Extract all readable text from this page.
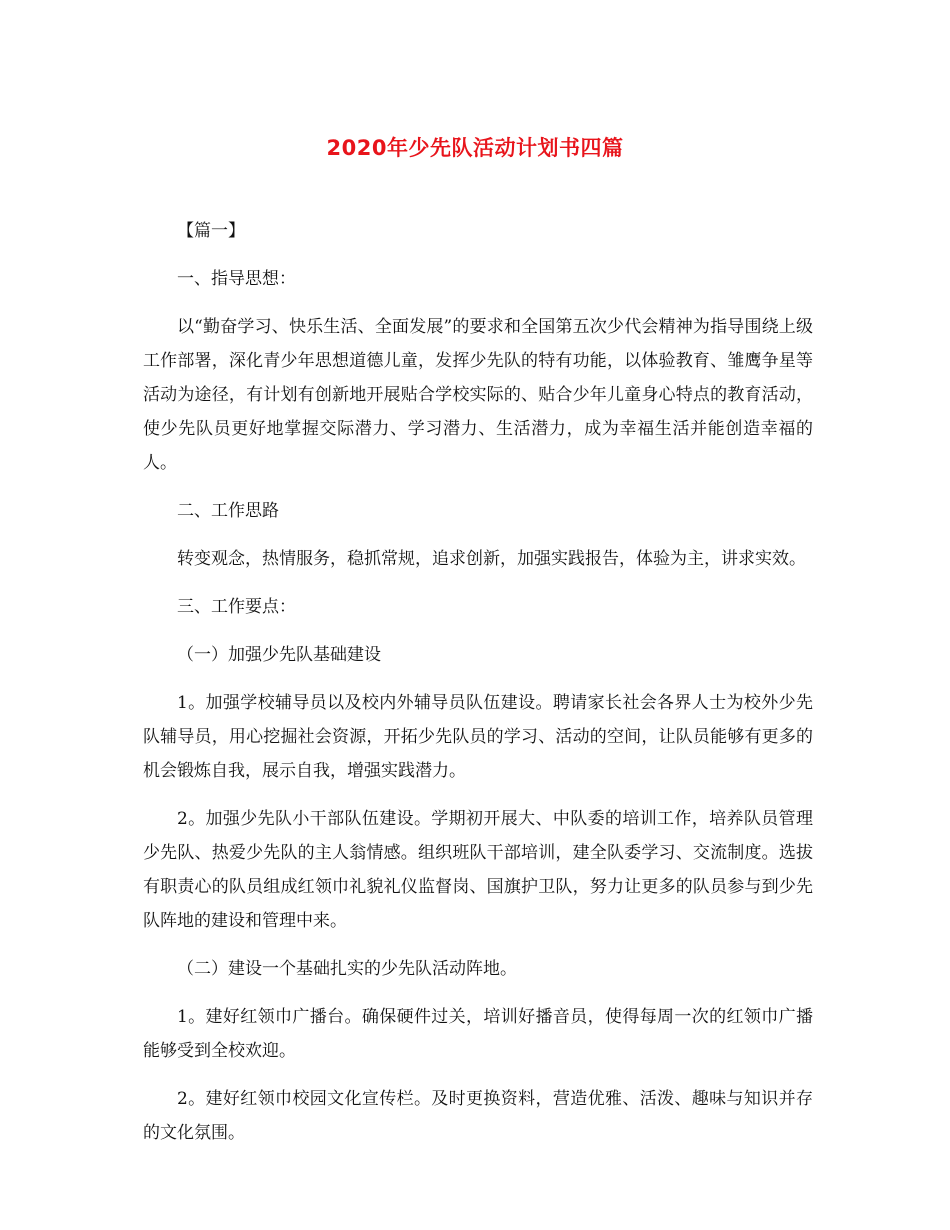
2020年少先队活动计划书四篇

【篇一】

一、指导思想：

以“勤奋学习、快乐生活、全面发展”的要求和全国第五次少代会精神为指导围绕上级工作部署，深化青少年思想道德儿童，发挥少先队的特有功能，以体验教育、雏鹰争星等活动为途径，有计划有创新地开展贴合学校实际的、贴合少年儿童身心特点的教育活动，使少先队员更好地掌握交际潜力、学习潜力、生活潜力，成为幸福生活并能创造幸福的人。

二、工作思路

转变观念，热情服务，稳抓常规，追求创新，加强实践报告，体验为主，讲求实效。

三、工作要点：

（一）加强少先队基础建设

1。加强学校辅导员以及校内外辅导员队伍建设。聘请家长社会各界人士为校外少先队辅导员，用心挖掘社会资源，开拓少先队员的学习、活动的空间，让队员能够有更多的机会锻炼自我，展示自我，增强实践潜力。

2。加强少先队小干部队伍建设。学期初开展大、中队委的培训工作，培养队员管理少先队、热爱少先队的主人翁情感。组织班队干部培训，建全队委学习、交流制度。选拔有职责心的队员组成红领巾礼貌礼仪监督岗、国旗护卫队，努力让更多的队员参与到少先队阵地的建设和管理中来。

（二）建设一个基础扎实的少先队活动阵地。

1。建好红领巾广播台。确保硬件过关，培训好播音员，使得每周一次的红领巾广播能够受到全校欢迎。

2。建好红领巾校园文化宣传栏。及时更换资料，营造优雅、活泼、趣味与知识并存的文化氛围。
